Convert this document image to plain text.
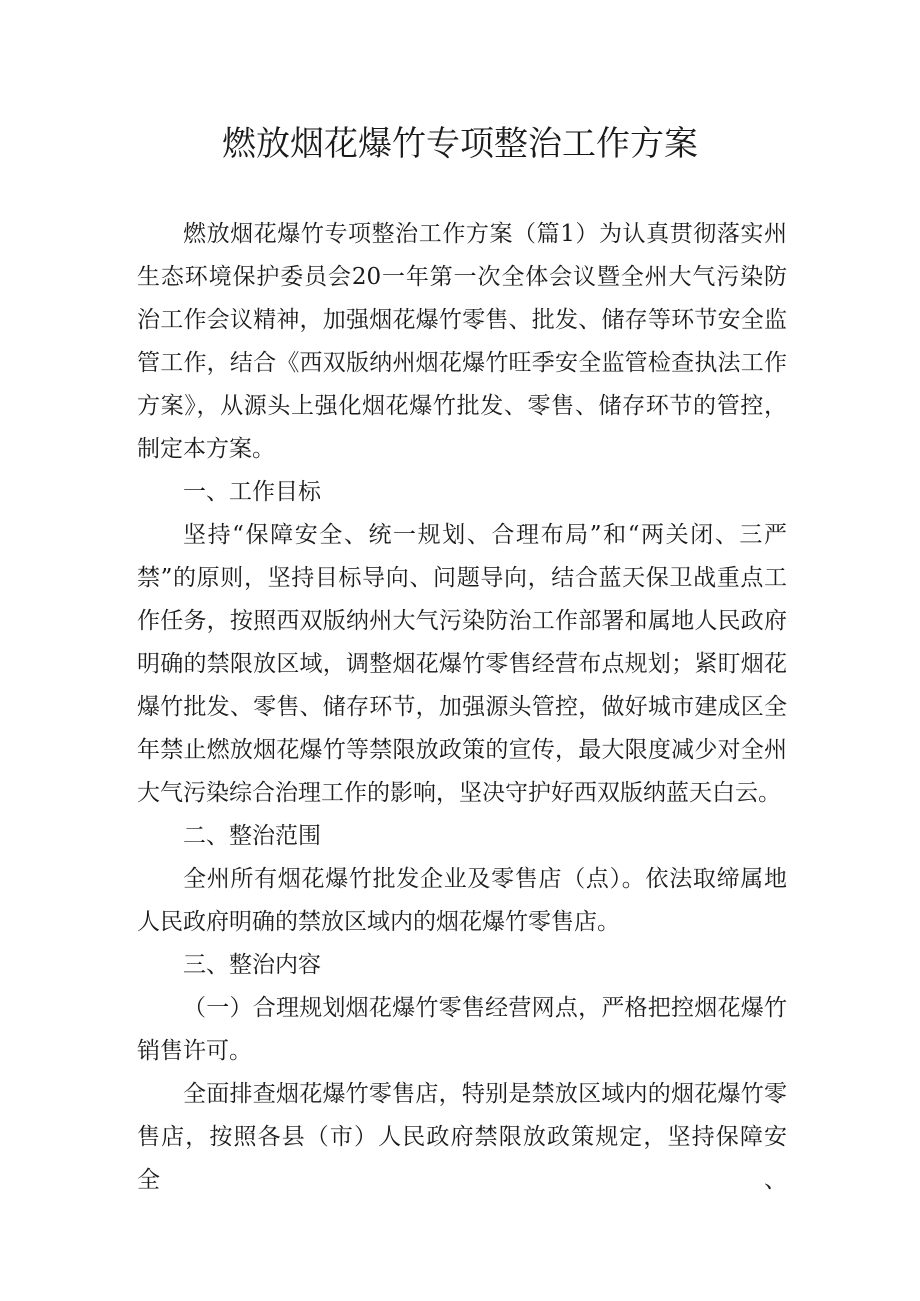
燃放烟花爆竹专项整治工作方案

燃放烟花爆竹专项整治工作方案（篇1）为认真贯彻落实州生态环境保护委员会20一年第一次全体会议暨全州大气污染防治工作会议精神，加强烟花爆竹零售、批发、储存等环节安全监管工作，结合《西双版纳州烟花爆竹旺季安全监管检查执法工作方案》，从源头上强化烟花爆竹批发、零售、储存环节的管控，制定本方案。

一、工作目标

坚持“保障安全、统一规划、合理布局”和“两关闭、三严禁”的原则，坚持目标导向、问题导向，结合蓝天保卫战重点工作任务，按照西双版纳州大气污染防治工作部署和属地人民政府明确的禁限放区域，调整烟花爆竹零售经营布点规划；紧盯烟花爆竹批发、零售、储存环节，加强源头管控，做好城市建成区全年禁止燃放烟花爆竹等禁限放政策的宣传，最大限度减少对全州大气污染综合治理工作的影响，坚决守护好西双版纳蓝天白云。

二、整治范围

全州所有烟花爆竹批发企业及零售店（点）。依法取缔属地人民政府明确的禁放区域内的烟花爆竹零售店。

三、整治内容

（一）合理规划烟花爆竹零售经营网点，严格把控烟花爆竹销售许可。

全面排查烟花爆竹零售店，特别是禁放区域内的烟花爆竹零售店，按照各县（市）人民政府禁限放政策规定，坚持保障安全、
